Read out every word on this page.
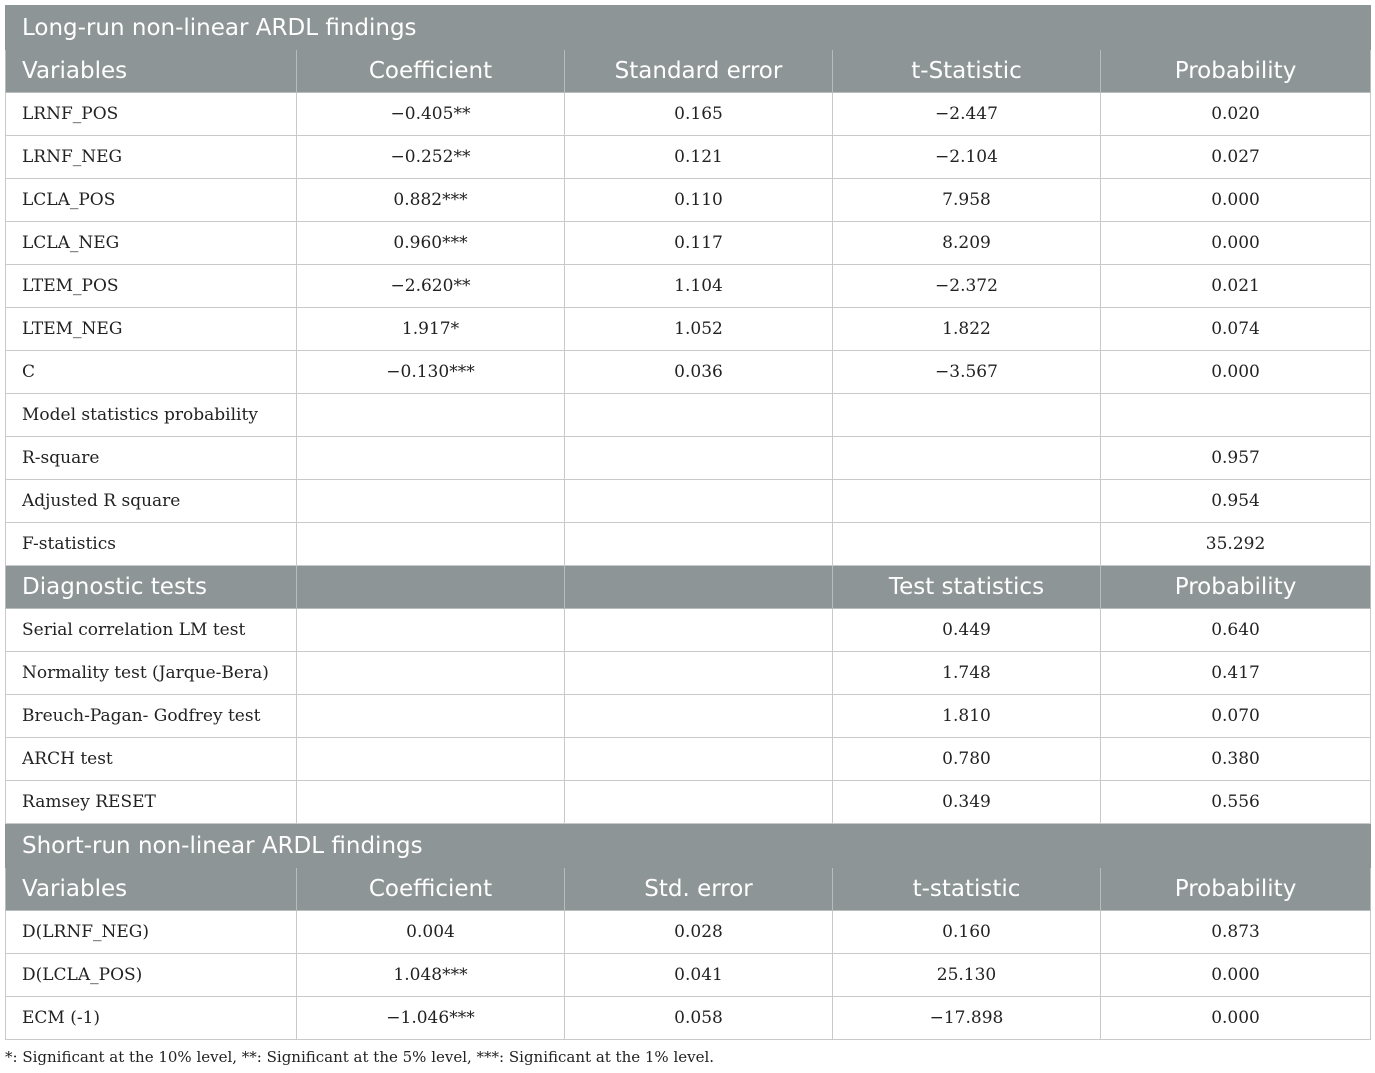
Long-run non-linear ARDL findings				
Variables	Coefficient	Standard error	t-Statistic	Probability
LRNF_POS	−0.405**	0.165	−2.447	0.020
LRNF_NEG	−0.252**	0.121	−2.104	0.027
LCLA_POS	0.882***	0.110	7.958	0.000
LCLA_NEG	0.960***	0.117	8.209	0.000
LTEM_POS	−2.620**	1.104	−2.372	0.021
LTEM_NEG	1.917*	1.052	1.822	0.074
C	−0.130***	0.036	−3.567	0.000
Model statistics probability				
R-square				0.957
Adjusted R square				0.954
F-statistics				35.292
Diagnostic tests			Test statistics	Probability
Serial correlation LM test			0.449	0.640
Normality test (Jarque-Bera)			1.748	0.417
Breuch-Pagan- Godfrey test			1.810	0.070
ARCH test			0.780	0.380
Ramsey RESET			0.349	0.556
Short-run non-linear ARDL findings				
Variables	Coefficient	Std. error	t-statistic	Probability
D(LRNF_NEG)	0.004	0.028	0.160	0.873
D(LCLA_POS)	1.048***	0.041	25.130	0.000
ECM (-1)	−1.046***	0.058	−17.898	0.000
*: Significant at the 10% level, **: Significant at the 5% level, ***: Significant at the 1% level.
